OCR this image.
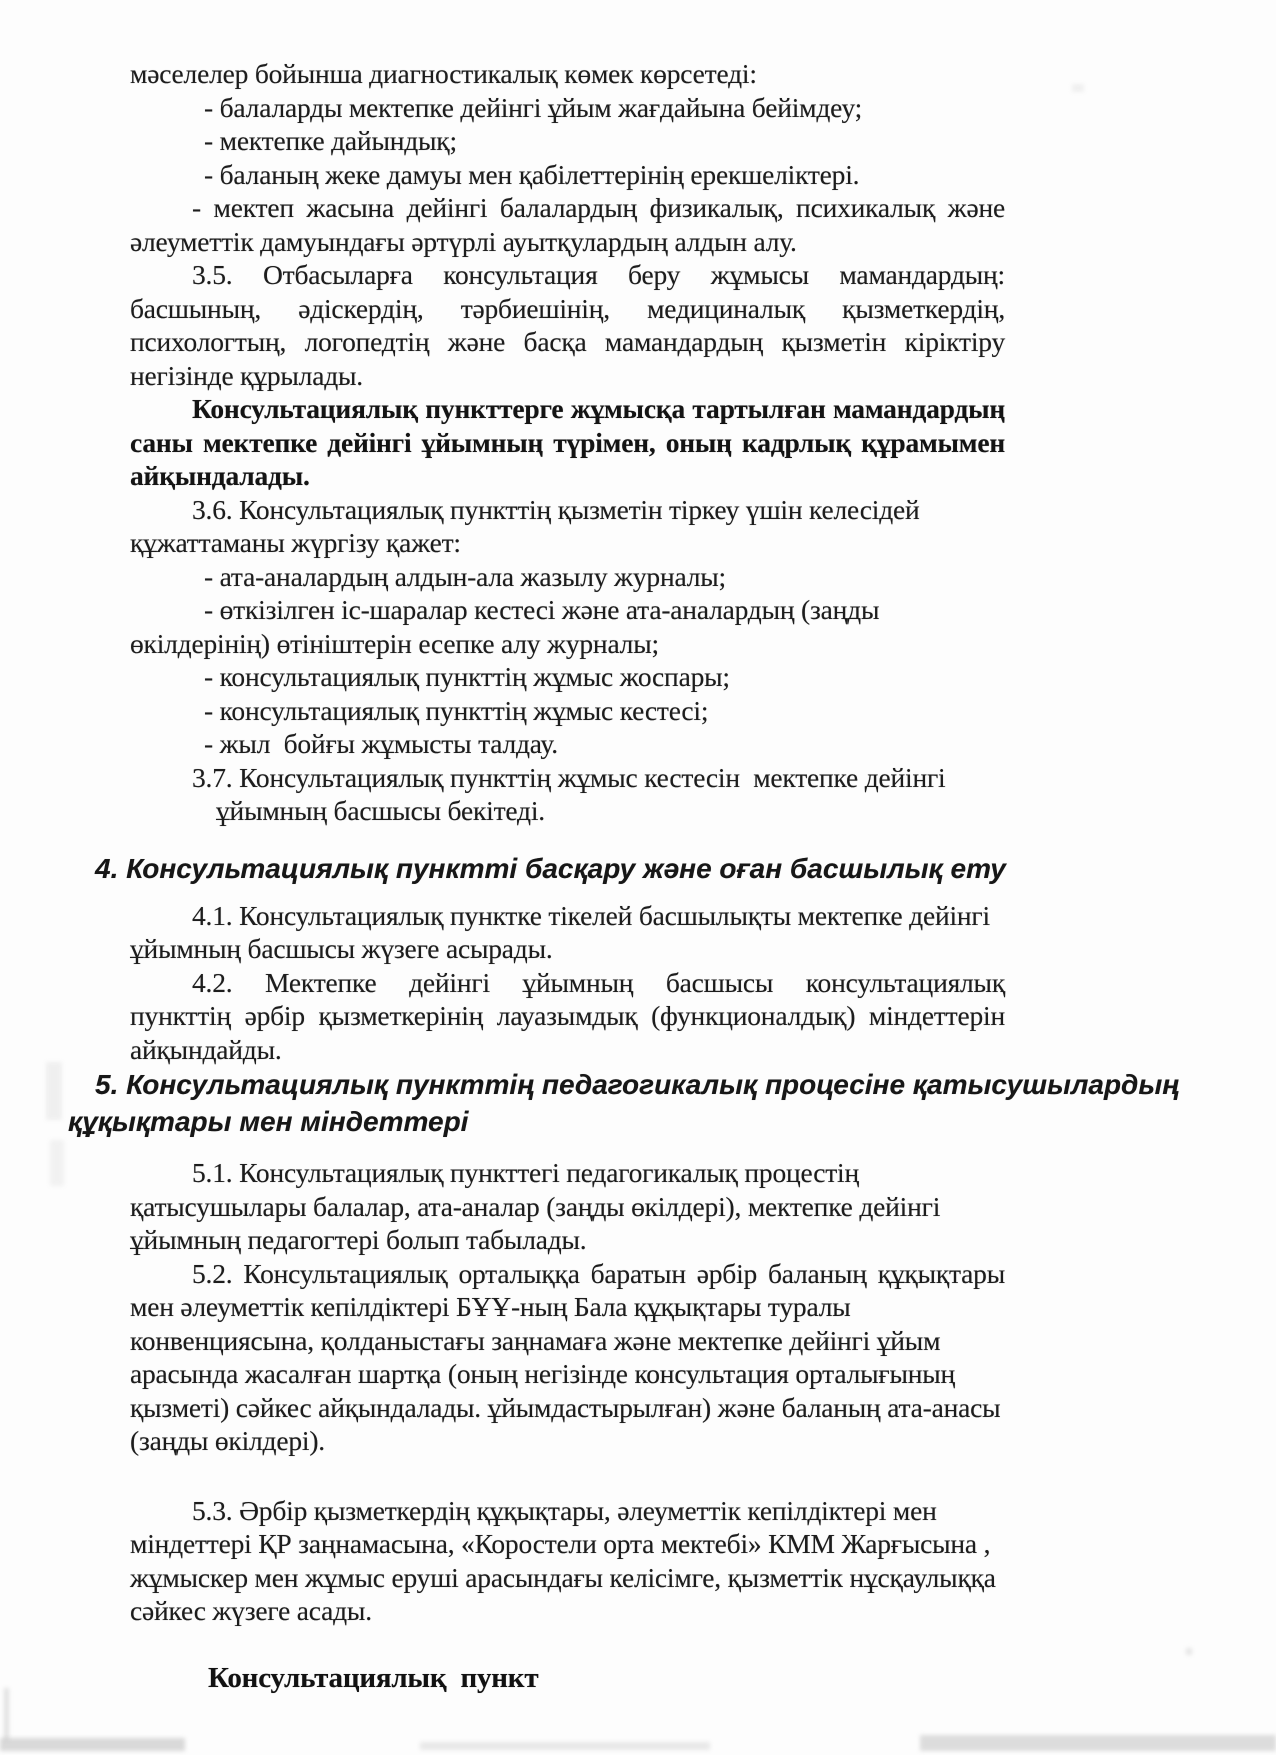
мәселелер бойынша диагностикалық көмек көрсетеді:
- балаларды мектепке дейінгі ұйым жағдайына бейімдеу;
- мектепке дайындық;
- баланың жеке дамуы мен қабілеттерінің ерекшеліктері.
- мектеп жасына дейінгі балалардың физикалық, психикалық және
әлеуметтік дамуындағы әртүрлі ауытқулардың алдын алу.
3.5. Отбасыларға консультация беру жұмысы мамандардың:
басшының, әдіскердің, тәрбиешінің, медициналық қызметкердің,
психологтың, логопедтің және басқа мамандардың қызметін кіріктіру
негізінде құрылады.
Консультациялық пункттерге жұмысқа тартылған мамандардың
саны мектепке дейінгі ұйымның түрімен, оның кадрлық құрамымен
айқындалады.
3.6. Консультациялық пункттің қызметін тіркеу үшін келесідей
құжаттаманы жүргізу қажет:
- ата-аналардың алдын-ала жазылу журналы;
- өткізілген іс-шаралар кестесі және ата-аналардың (заңды
өкілдерінің) өтініштерін есепке алу журналы;
- консультациялық пункттің жұмыс жоспары;
- консультациялық пункттің жұмыс кестесі;
- жыл  бойғы жұмысты талдау.
3.7. Консультациялық пункттің жұмыс кестесін  мектепке дейінгі
ұйымның басшысы бекітеді.
4. Консультациялық пунктті басқару және оған басшылық ету
4.1. Консультациялық пунктке тікелей басшылықты мектепке дейінгі
ұйымның басшысы жүзеге асырады.
4.2. Мектепке дейінгі ұйымның басшысы консультациялық
пункттің әрбір қызметкерінің лауазымдық (функционалдық) міндеттерін
айқындайды.
5. Консультациялық пункттің педагогикалық процесіне қатысушылардың
құқықтары мен міндеттері
5.1. Консультациялық пункттегі педагогикалық процестің
қатысушылары балалар, ата-аналар (заңды өкілдері), мектепке дейінгі
ұйымның педагогтері болып табылады.
5.2. Консультациялық орталыққа баратын әрбір баланың құқықтары
мен әлеуметтік кепілдіктері БҰҰ-ның Бала құқықтары туралы
конвенциясына, қолданыстағы заңнамаға және мектепке дейінгі ұйым
арасында жасалған шартқа (оның негізінде консультация орталығының
қызметі) сәйкес айқындалады. ұйымдастырылған) және баланың ата-анасы
(заңды өкілдері).
5.3. Әрбір қызметкердің құқықтары, әлеуметтік кепілдіктері мен
міндеттері ҚР заңнамасына, «Коростели орта мектебі» КММ Жарғысына ,
жұмыскер мен жұмыс еруші арасындағы келісімге, қызметтік нұсқаулыққа
сәйкес жүзеге асады.
Консультациялық  пункт
